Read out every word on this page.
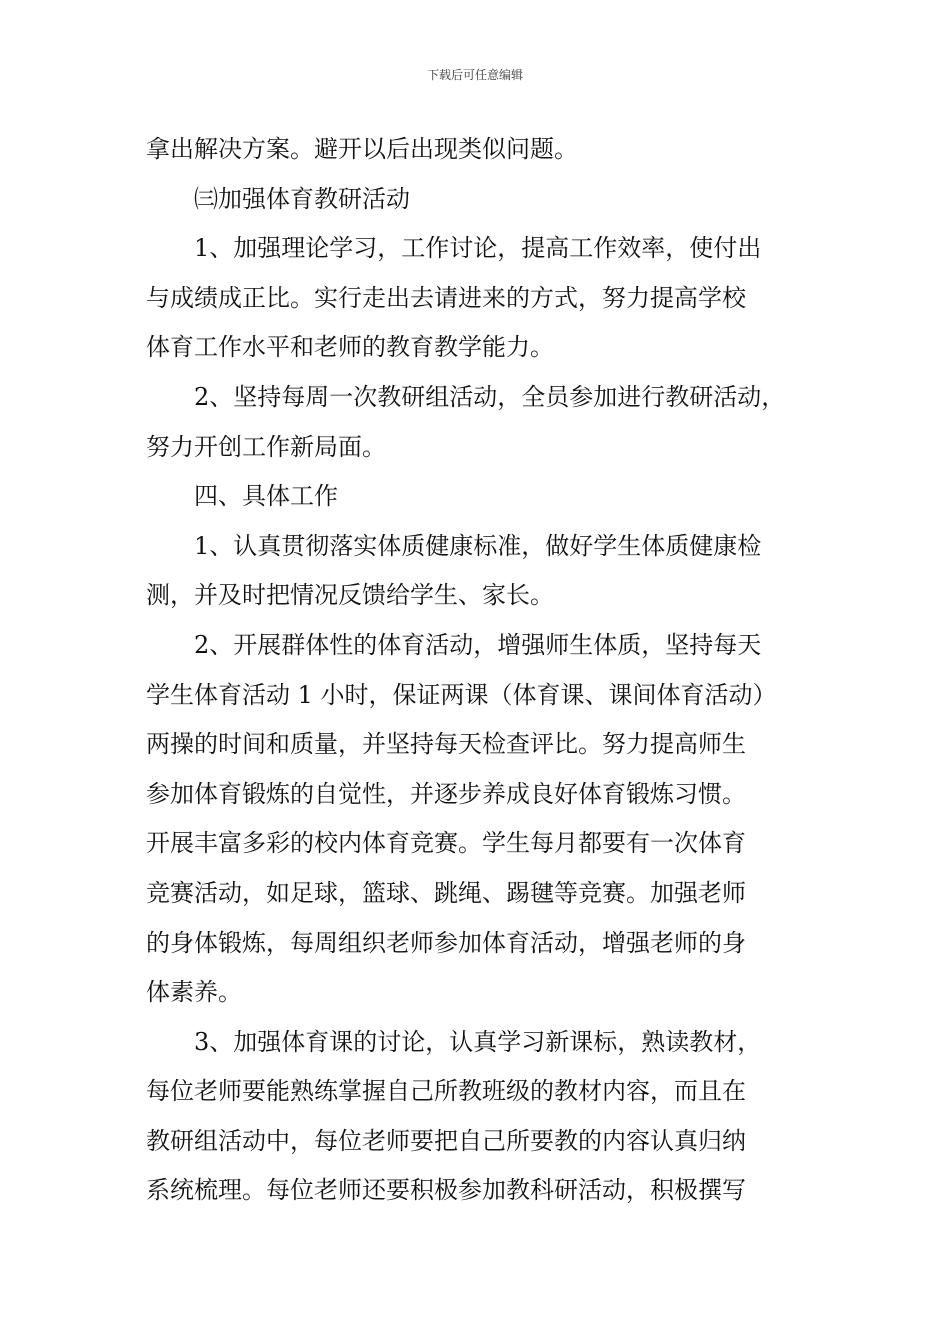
下载后可任意编辑
拿出解决方案。避开以后出现类似问题。
㈢加强体育教研活动
1、加强理论学习，工作讨论，提高工作效率，使付出
与成绩成正比。实行走出去请进来的方式，努力提高学校
体育工作水平和老师的教育教学能力。
2、坚持每周一次教研组活动，全员参加进行教研活动，
努力开创工作新局面。
四、具体工作
1、认真贯彻落实体质健康标准，做好学生体质健康检
测，并及时把情况反馈给学生、家长。
2、开展群体性的体育活动，增强师生体质，坚持每天
学生体育活动 1 小时，保证两课（体育课、课间体育活动）
两操的时间和质量，并坚持每天检查评比。努力提高师生
参加体育锻炼的自觉性，并逐步养成良好体育锻炼习惯。
开展丰富多彩的校内体育竞赛。学生每月都要有一次体育
竞赛活动，如足球，篮球、跳绳、踢毽等竞赛。加强老师
的身体锻炼，每周组织老师参加体育活动，增强老师的身
体素养。
3、加强体育课的讨论，认真学习新课标，熟读教材，
每位老师要能熟练掌握自己所教班级的教材内容，而且在
教研组活动中，每位老师要把自己所要教的内容认真归纳
系统梳理。每位老师还要积极参加教科研活动，积极撰写
